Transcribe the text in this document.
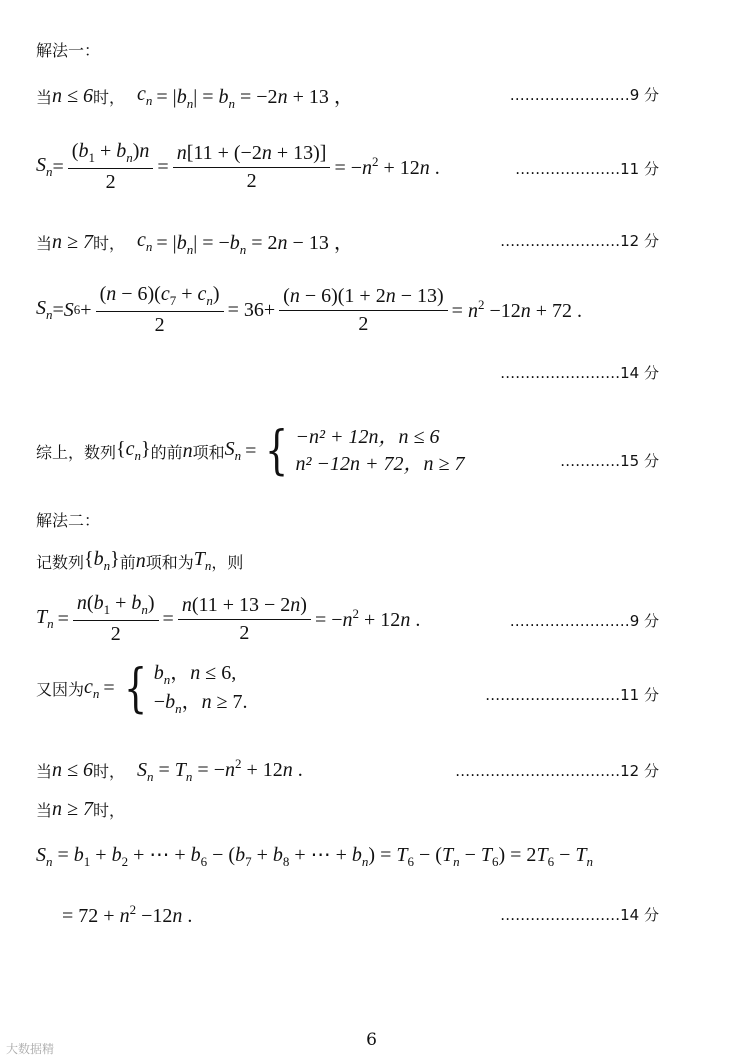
解法一：
当 n ≤ 6 时， $c_n = |b_n| = b_n = -2n + 13$ ，	……………………9 分
$S_n = \frac{(b_1 + b_n)n}{2} = \frac{n[11 + (-2n + 13)]}{2} = -n^2 + 12n$ .	…………………11 分
当 n ≥ 7 时， $c_n = |b_n| = -b_n = 2n - 13$ ，	……………………12 分
$S_n = S$ $6 + \frac{(n - 6)(c_7 + c_n)}{2} = 36+ \frac{(n - 6)(1 + 2n - 13)}{2} = n^2 -12n + 72$ .
……………………14 分
综上，数列 $\{c_n\}$ 的前 n 项和 $S_n$ = { −n² + 12n，n ≤ 6
n² −12n + 72，n ≥ 7	…………15 分
解法二：
记数列 $\{b_n\}$ 前 n 项和为 $T_n$ ，则
$T_n = \frac{n(b_1 + b_n)}{2} = \frac{n(11 + 13 - 2n)}{2} = -n^2 + 12n$ .	……………………9 分
又因为 $c_n$ = { $b_n$，n ≤ 6,
$-b_n$，n ≥ 7.	………………………11 分
当 n ≤ 6 时， $S_n = T_n = -n^2 + 12n$ .	……………………………12 分
当 n ≥ 7 时，
$S_n = b_1 + b_2$ + ⋯ + $b_6 - (b_7 + b_8$ + ⋯ + $b_n) = T_6 - (T_n - T_6) = 2T_6 - T_n$
= $72 + n^2 -12n$ .	……………………14 分
6
大数据精
